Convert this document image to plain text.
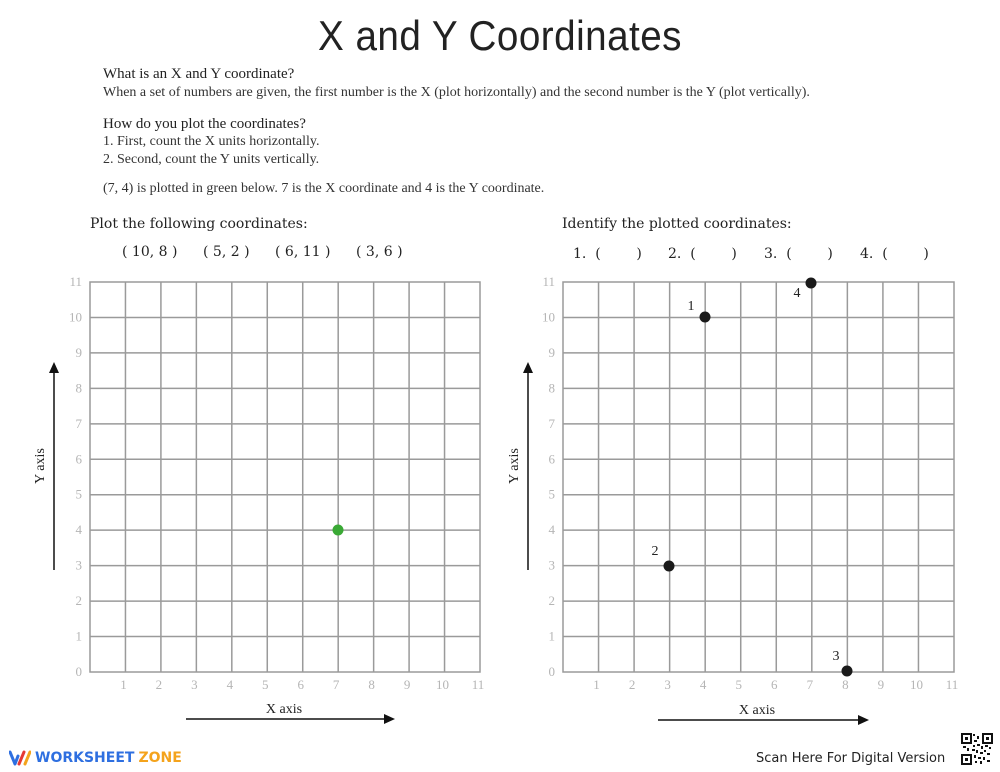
X and Y Coordinates
What is an X and Y coordinate?
When a set of numbers are given, the first number is the X (plot horizontally) and the second number is the Y (plot vertically).
How do you plot the coordinates?
1. First, count the X units horizontally.
2. Second, count the Y units vertically.
(7, 4) is plotted in green below. 7 is the X coordinate and 4 is the Y coordinate.
Plot the following coordinates:
( 10, 8 ) ( 5, 2 ) ( 6, 11 ) ( 3, 6 )
0
1
2
3
4
5
6
7
8
9
10
11
1 2 3 4 5 6 7 8 9 10 11
Y axis
X axis
0
1
2
3
4
5
6
7
8
9
10
11
1 2 3 4 5 6 7 8 9 10 11
1
2
3
4
Y axis
X axis
Identify the plotted coordinates:
1.  (        ) 2.  (        ) 3.  (        ) 4.  (        )
WORKSHEET ZONE	Scan Here For Digital Version
